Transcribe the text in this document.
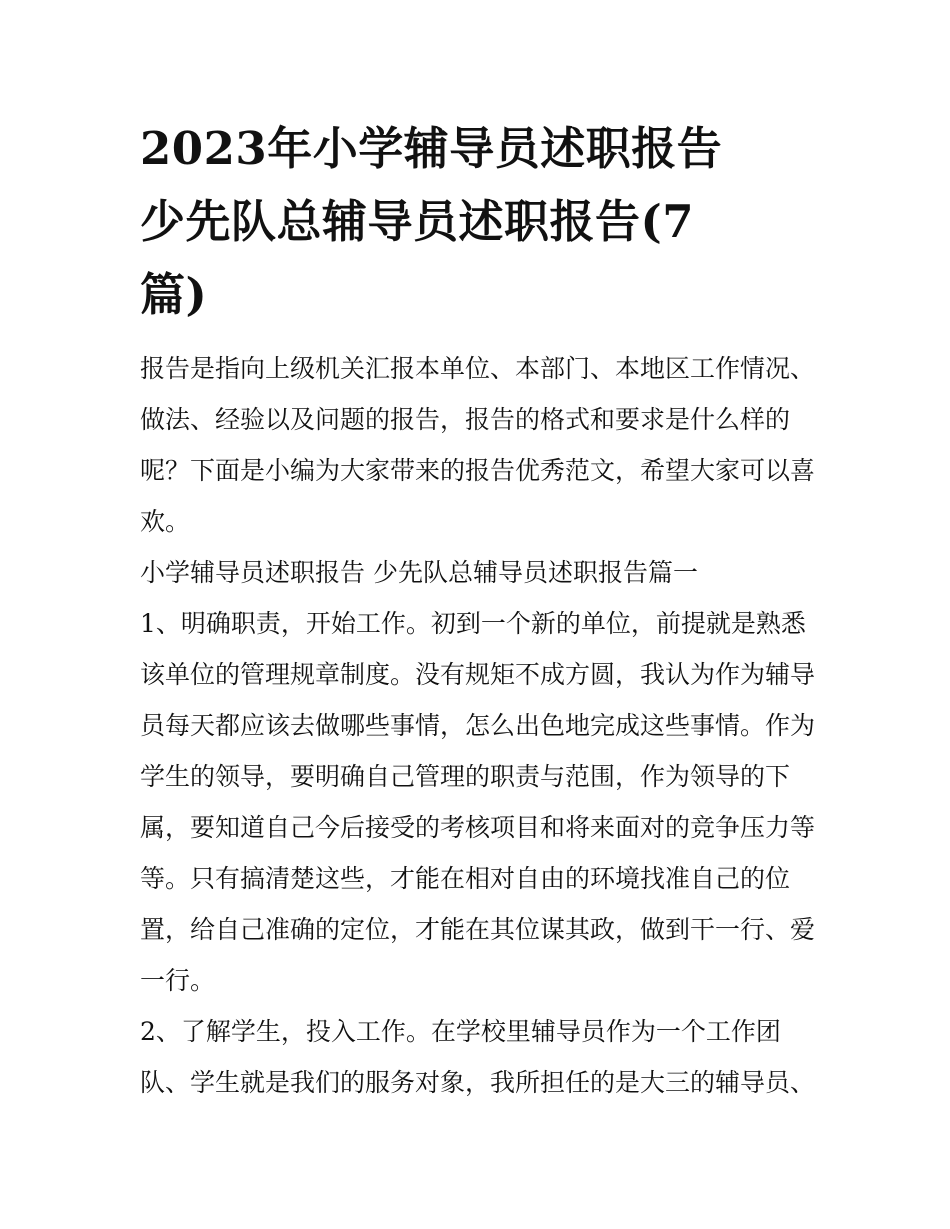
2023年小学辅导员述职报告
少先队总辅导员述职报告(7
篇)
报告是指向上级机关汇报本单位、本部门、本地区工作情况、
做法、经验以及问题的报告，报告的格式和要求是什么样的
呢？下面是小编为大家带来的报告优秀范文，希望大家可以喜
欢。
小学辅导员述职报告 少先队总辅导员述职报告篇一
1、明确职责，开始工作。初到一个新的单位，前提就是熟悉
该单位的管理规章制度。没有规矩不成方圆，我认为作为辅导
员每天都应该去做哪些事情，怎么出色地完成这些事情。作为
学生的领导，要明确自己管理的职责与范围，作为领导的下
属，要知道自己今后接受的考核项目和将来面对的竞争压力等
等。只有搞清楚这些，才能在相对自由的环境找准自己的位
置，给自己准确的定位，才能在其位谋其政，做到干一行、爱
一行。
2、了解学生，投入工作。在学校里辅导员作为一个工作团
队、学生就是我们的服务对象，我所担任的是大三的辅导员、
